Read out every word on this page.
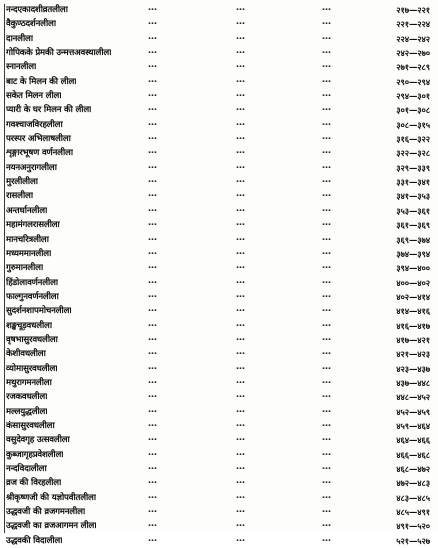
नन्दएकादशीव्रतलीला	…	…	…	२१७—२२१
वैकुण्ठदर्शनलीला	…	…	…	२२१—२२४
दानलीला	…	…	…	२२४—२४२
गोपिकके प्रेमकी उन्मत्तअवस्थालीला	…	…	…	२४२—२७०
स्नानलीला	…	…	…	२७१—२८९
बाट के मिलन की लीला	…	…	…	२९०—२९४
सकेत मिलन लीला	…	…	…	२९४—३०१
प्यारी के घर मिलन की लीला	…	…	…	३०१—३०८
गवश्चाजविरहलीला	…	…	…	३०८—३१५
परस्पर अभिलाषलीला	…	…	…	३१६—३२२
शृङ्गारभूषण वर्णनलीला	…	…	…	३२२—३२८
नयनअनुरागलीला	…	…	…	३२९—३३९
मुरलीलीला	…	…	…	३३१—३४१
रासलीला	…	…	…	३४१—३५३
अन्तर्धानलीला	…	…	…	३५३—३६१
महामंगलरासलीला	…	…	…	३६१—३६९
मानचरित्रलीला	…	…	…	३६९—३७४
मध्यममानलीला	…	…	…	३७४—३९४
गुरुमानलीला	…	…	…	३९४—४००
हिंडोलावर्णनलीला	…	…	…	४००—४०२
फाल्गुनवर्णनलीला	…	…	…	४०२—४१४
सुदर्शनशापमोचनलीला	…	…	…	४१४—४१६
शङ्खचूड़वधलीला	…	…	…	४१६—४१७
वृषभासुरवधलीला	…	…	…	४१७—४२१
केशीवधलीला	…	…	…	४२१—४२३
व्योमासुरवधलीला	…	…	…	४२३—४३७
मथुरागमनलीला	…	…	…	४३७—४४८
रजकवधलीला	…	…	…	४४८—४५२
मल्लयुद्धलीला	…	…	…	४५२—४५९
कंसासुरवधलीला	…	…	…	४५९—४६४
वसुदेवगृह उत्सवलीला	…	…	…	४६४—४६६
कुब्जागृहप्रवेशलीला	…	…	…	४६६—४६८
नन्दविदालीला	…	…	…	४६८—४७२
व्रज की विरहलीला	…	…	…	४७२—४८३
श्रीकृष्णजी की यज्ञोपवीतलीला	…	…	…	४८३—४८५
उद्धवजी की व्रजगमनलीला	…	…	…	४८५—४९१
उद्धवजी का व्रजआगमन लीला	…	…	…	४९१—५२०
उद्धवकी विदालीला	…	…	…	५२१—५२७
